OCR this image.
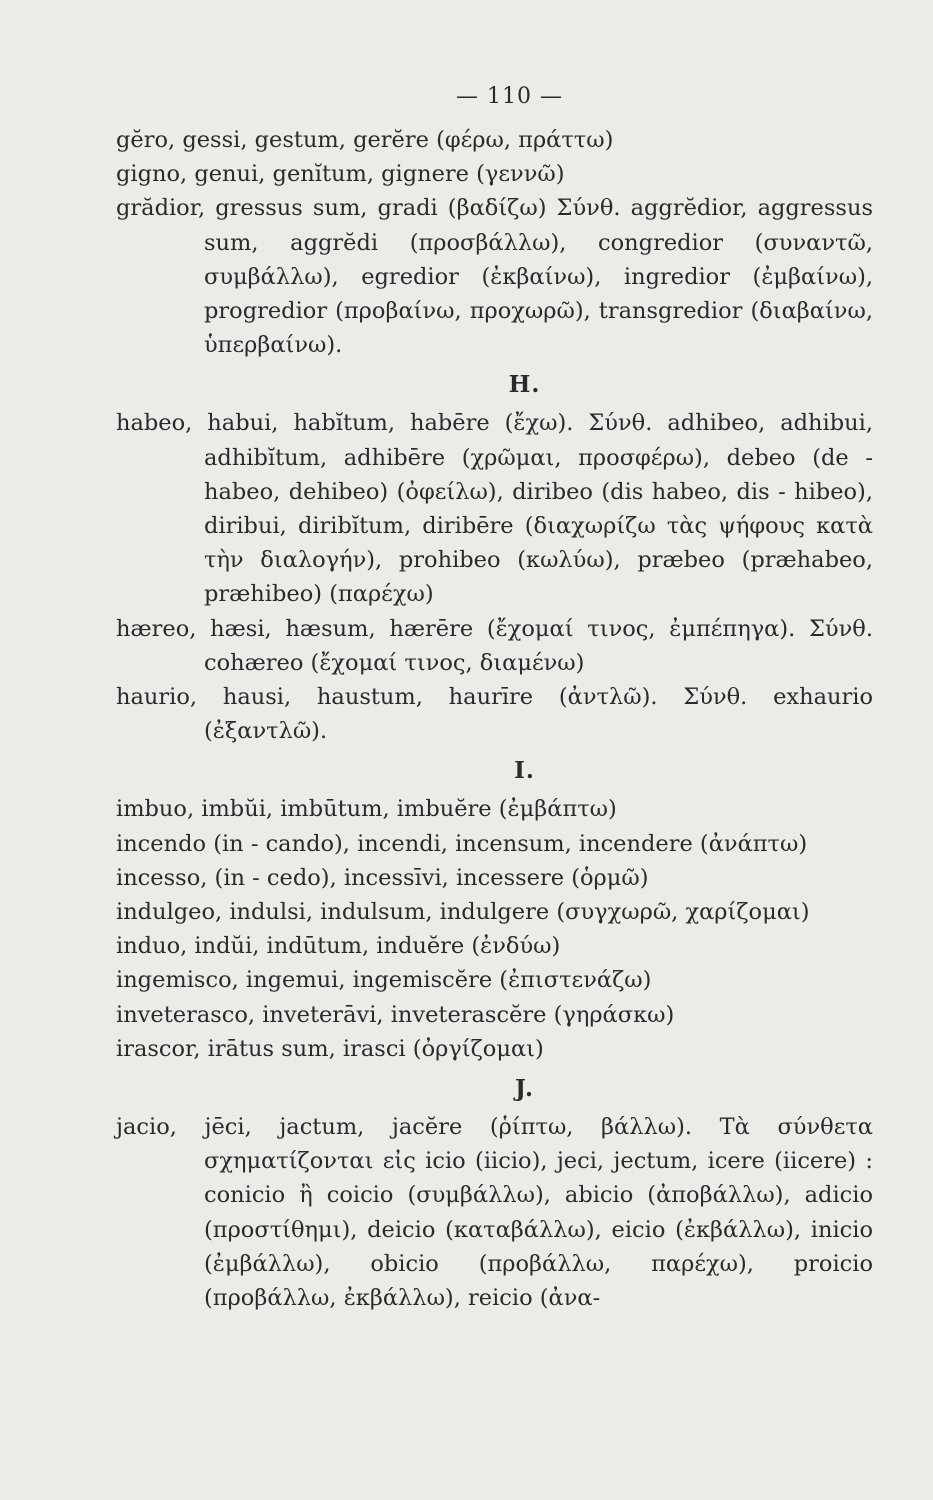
— 110 —

gĕro, gessi, gestum, gerĕre (φέρω, πράττω)

gigno, genui, genĭtum, gignere (γεννῶ)

grădior, gressus sum, gradi (βαδίζω) Σύνθ. aggrĕdior, aggressus sum, aggrĕdi (προσβάλλω), congredior (συναντῶ, συμβάλλω), egredior (ἐκβαίνω), ingredior (ἐμβαίνω), progredior (προβαίνω, προχωρῶ), transgredior (διαβαίνω, ὑπερβαίνω).

H.

habeo, habui, habĭtum, habēre (ἔχω). Σύνθ. adhibeo, adhibui, adhibĭtum, adhibēre (χρῶμαι, προσφέρω), debeo (de - habeo, dehibeo) (ὀφείλω), diribeo (dis habeo, dis - hibeo), diribui, diribĭtum, diribēre (διαχωρίζω τὰς ψήφους κατὰ τὴν διαλογήν), prohibeo (κωλύω), præbeo (præhabeo, præhibeo) (παρέχω)

hæreo, hæsi, hæsum, hærēre (ἔχομαί τινος, ἐμπέπηγα). Σύνθ. cohæreo (ἔχομαί τινος, διαμένω)

haurio, hausi, haustum, haurīre (ἀντλῶ). Σύνθ. exhaurio (ἐξαντλῶ).

I.

imbuo, imbŭi, imbūtum, imbuĕre (ἐμβάπτω)

incendo (in - cando), incendi, incensum, incendere (ἀνάπτω)

incesso, (in - cedo), incessīvi, incessere (ὁρμῶ)

indulgeo, indulsi, indulsum, indulgere (συγχωρῶ, χαρίζομαι)

induo, indŭi, indūtum, induĕre (ἐνδύω)

ingemisco, ingemui, ingemiscĕre (ἐπιστενάζω)

inveterasco, inveterāvi, inveterascĕre (γηράσκω)

irascor, irātus sum, irasci (ὀργίζομαι)

J.

jacio, jēci, jactum, jacĕre (ῥίπτω, βάλλω). Τὰ σύνθετα σχηματίζονται εἰς icio (iicio), jeci, jectum, icere (iicere) : conicio ἢ coicio (συμβάλλω), abicio (ἀποβάλλω), adicio (προστίθημι), deicio (καταβάλλω), eicio (ἐκβάλλω), inicio (ἐμβάλλω), obicio (προβάλλω, παρέχω), proicio (προβάλλω, ἐκβάλλω), reicio (ἀνα-
